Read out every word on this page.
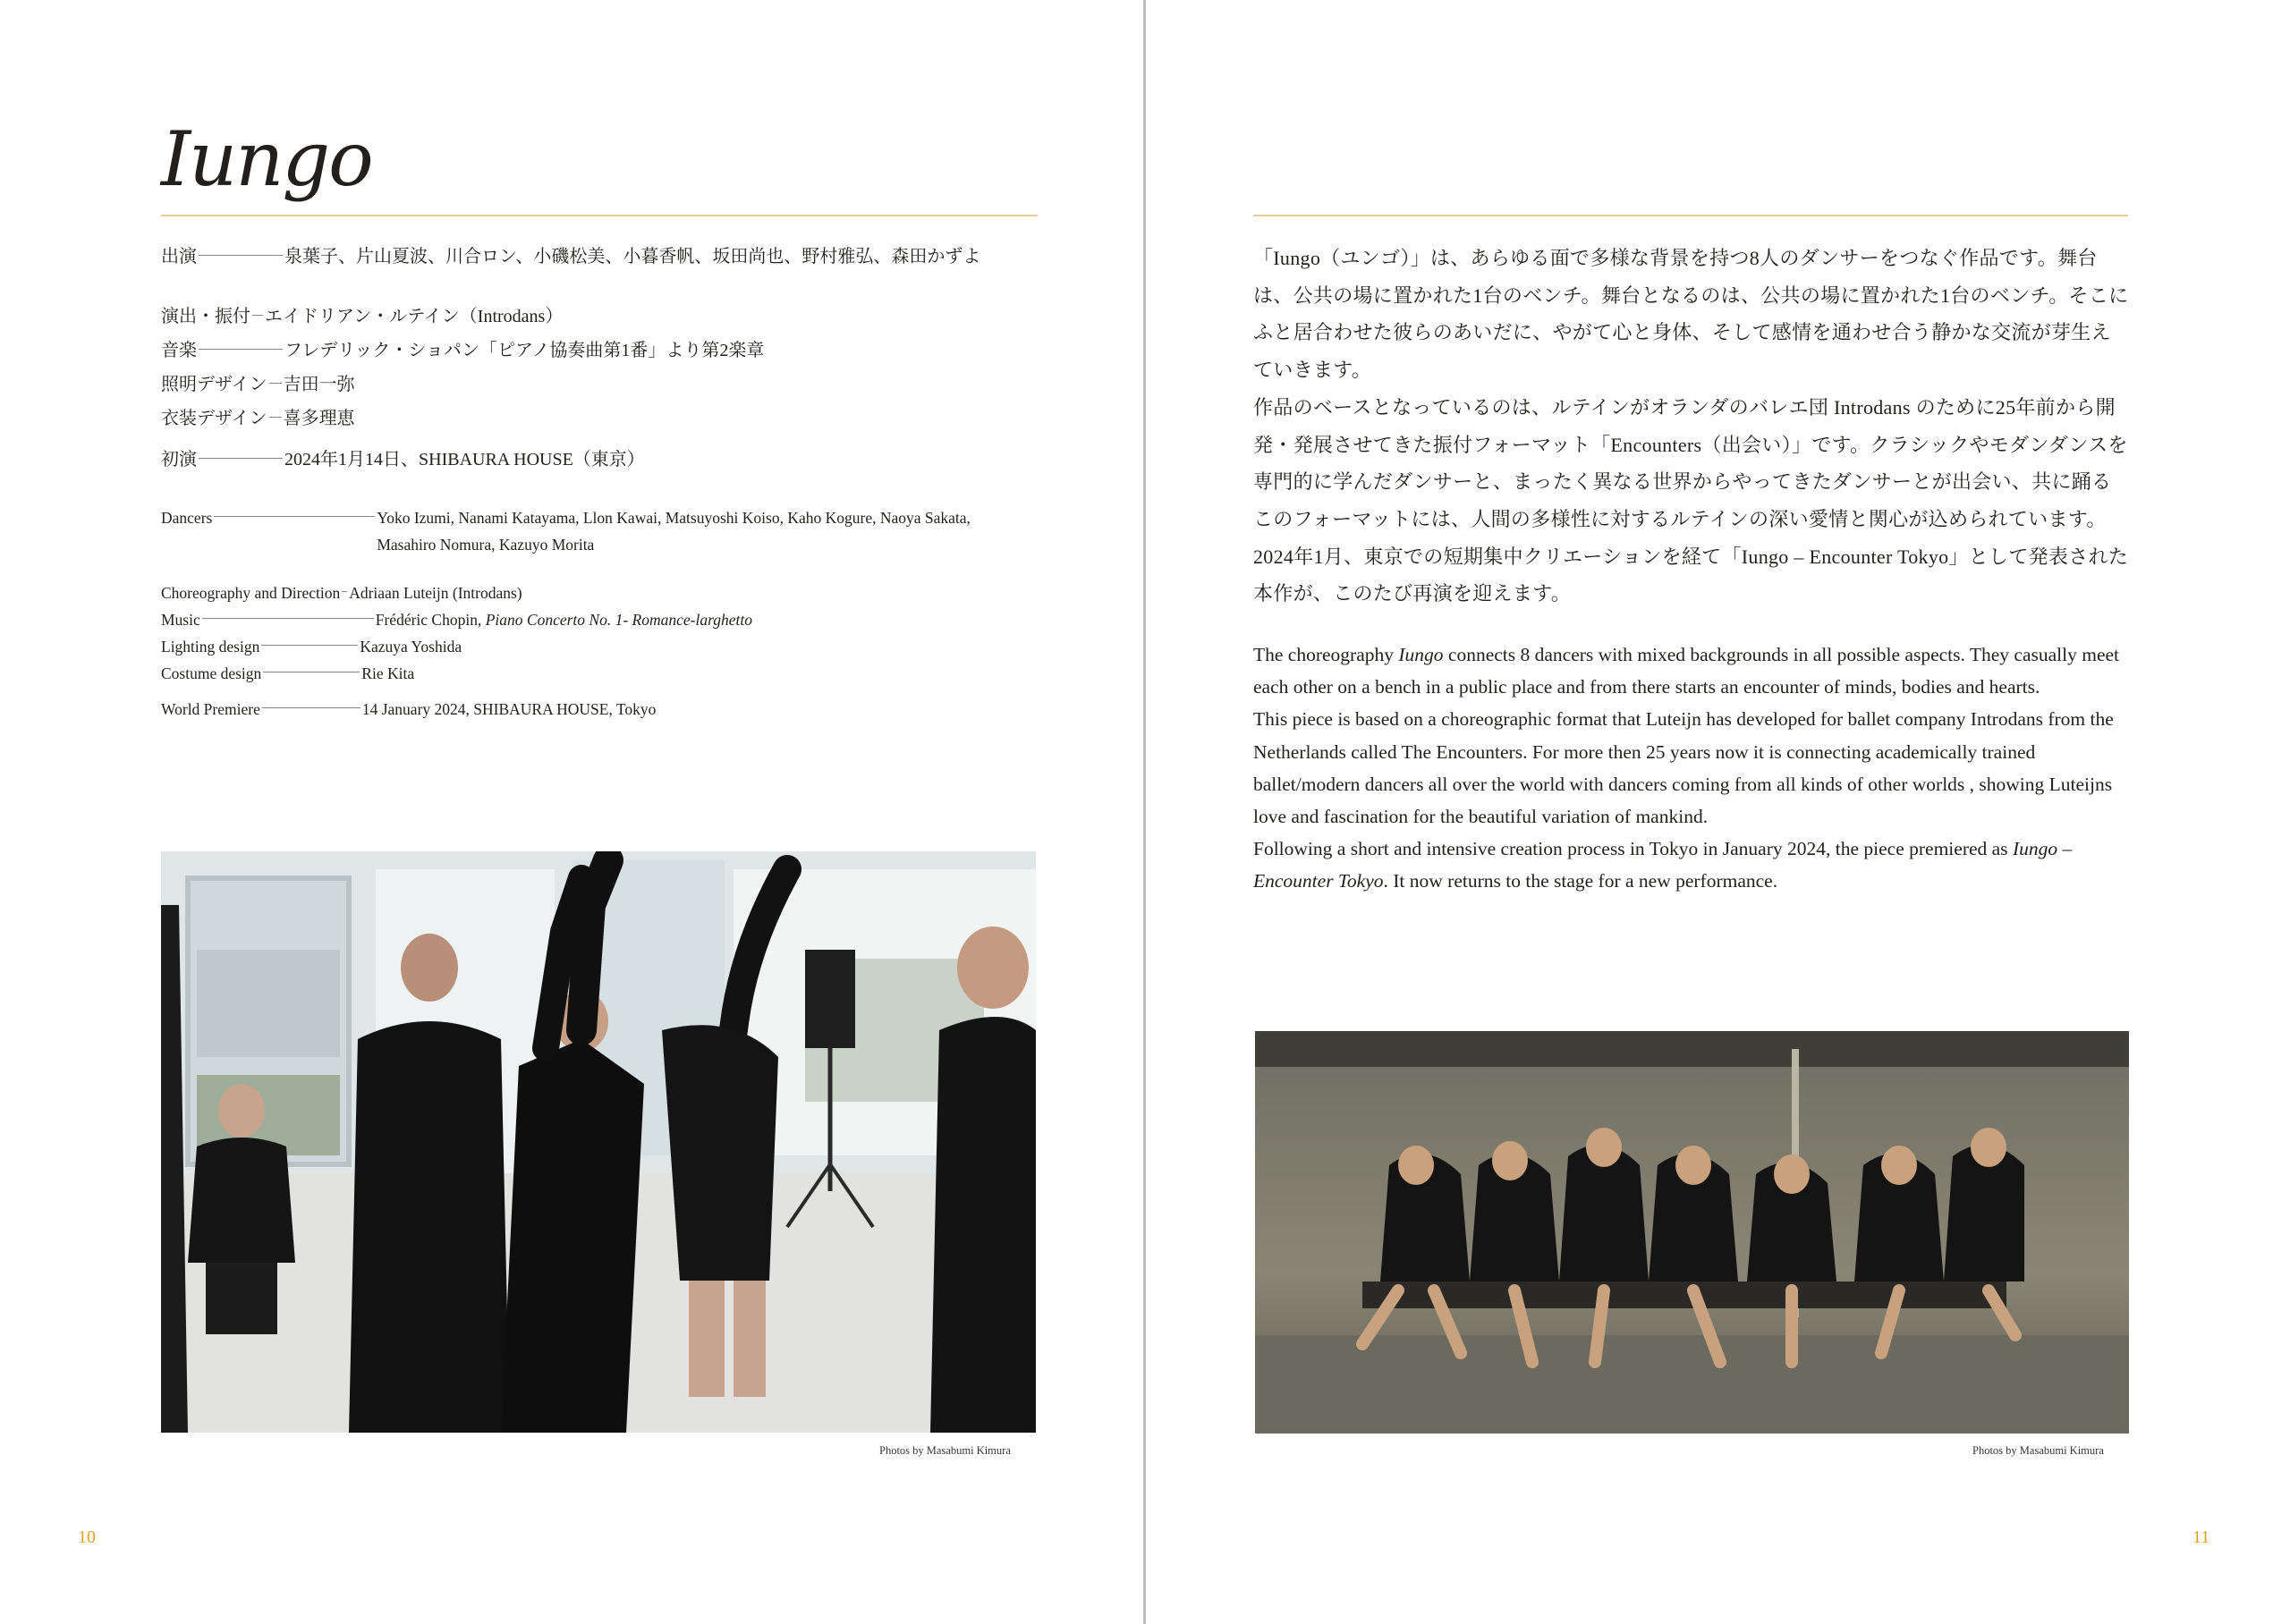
Iungo
出演	泉葉子、片山夏波、川合ロン、小磯松美、小暮香帆、坂田尚也、野村雅弘、森田かずよ
演出・振付 エイドリアン・ルテイン（Introdans）
音楽	フレデリック・ショパン「ピアノ協奏曲第1番」より第2楽章
照明デザイン 吉田一弥
衣装デザイン 喜多理恵
初演	2024年1月14日、SHIBAURA HOUSE（東京）
Dancers	Yoko Izumi, Nanami Katayama, Llon Kawai, Matsuyoshi Koiso, Kaho Kogure, Naoya Sakata, Masahiro Nomura, Kazuyo Morita
Choreography and Direction Adriaan Luteijn (Introdans)
Music	Frédéric Chopin, Piano Concerto No. 1- Romance-larghetto
Lighting design	Kazuya Yoshida
Costume design	Rie Kita
World Premiere	14 January 2024, SHIBAURA HOUSE, Tokyo
Photos by Masabumi Kimura
10

「Iungo（ユンゴ）」は、あらゆる面で多様な背景を持つ8人のダンサーをつなぐ作品です。舞台は、公共の場に置かれた1台のベンチ。舞台となるのは、公共の場に置かれた1台のベンチ。そこにふと居合わせた彼らのあいだに、やがて心と身体、そして感情を通わせ合う静かな交流が芽生えていきます。

作品のベースとなっているのは、ルテインがオランダのバレエ団 Introdans のために25年前から開発・発展させてきた振付フォーマット「Encounters（出会い）」です。クラシックやモダンダンスを専門的に学んだダンサーと、まったく異なる世界からやってきたダンサーとが出会い、共に踊るこのフォーマットには、人間の多様性に対するルテインの深い愛情と関心が込められています。

2024年1月、東京での短期集中クリエーションを経て「Iungo – Encounter Tokyo」として発表された本作が、このたび再演を迎えます。

The choreography Iungo connects 8 dancers with mixed backgrounds in all possible aspects. They casually meet each other on a bench in a public place and from there starts an encounter of minds, bodies and hearts.

This piece is based on a choreographic format that Luteijn has developed for ballet company Introdans from the Netherlands called The Encounters. For more then 25 years now it is connecting academically trained ballet/modern dancers all over the world with dancers coming from all kinds of other worlds , showing Luteijns love and fascination for the beautiful variation of mankind.

Following a short and intensive creation process in Tokyo in January 2024, the piece premiered as Iungo – Encounter Tokyo. It now returns to the stage for a new performance.

Photos by Masabumi Kimura
11
